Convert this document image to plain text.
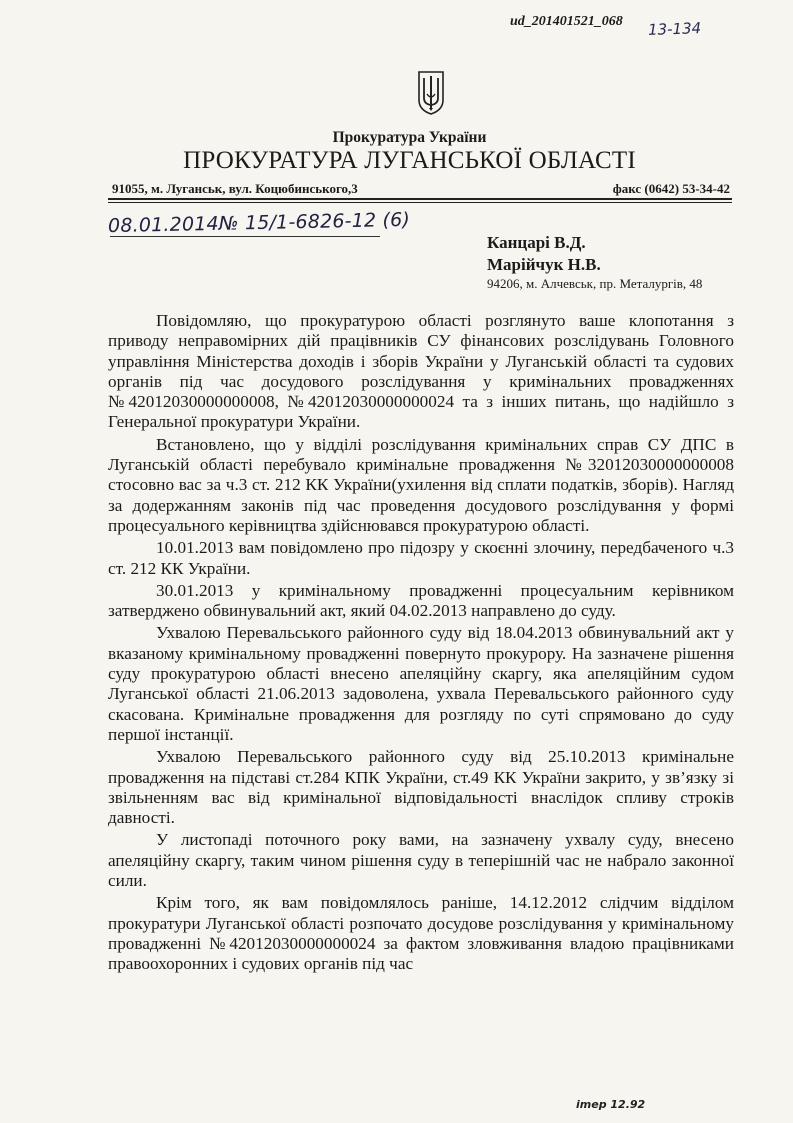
ud_201401521_068 13-134
Прокуратура України
ПРОКУРАТУРА ЛУГАНСЬКОЇ ОБЛАСТІ
91055, м. Луганськ, вул. Коцюбинського,3	факс (0642) 53-34-42
08.01.2014№ 15/1-6826-12 (6)
Канцарі В.Д.
Марійчук Н.В.
94206, м. Алчевськ, пр. Металургів, 48

Повідомляю, що прокуратурою області розглянуто ваше клопотання з приводу неправомірних дій працівників СУ фінансових розслідувань Головного управління Міністерства доходів і зборів України у Луганській області та судових органів під час досудового розслідування у кримінальних провадженнях №42012030000000008, №42012030000000024 та з інших питань, що надійшло з Генеральної прокуратури України.

Встановлено, що у відділі розслідування кримінальних справ СУ ДПС в Луганській області перебувало кримінальне провадження №32012030000000008 стосовно вас за ч.3 ст. 212 КК України(ухилення від сплати податків, зборів). Нагляд за додержанням законів під час проведення досудового розслідування у формі процесуального керівництва здійснювався прокуратурою області.

10.01.2013 вам повідомлено про підозру у скоєнні злочину, передбаченого ч.3 ст. 212 КК України.

30.01.2013 у кримінальному провадженні процесуальним керівником затверджено обвинувальний акт, який 04.02.2013 направлено до суду.

Ухвалою Перевальського районного суду від 18.04.2013 обвинувальний акт у вказаному кримінальному провадженні повернуто прокурору. На зазначене рішення суду прокуратурою області внесено апеляційну скаргу, яка апеляційним судом Луганської області 21.06.2013 задоволена, ухвала Перевальського районного суду скасована. Кримінальне провадження для розгляду по суті спрямовано до суду першої інстанції.

Ухвалою Перевальського районного суду від 25.10.2013 кримінальне провадження на підставі ст.284 КПК України, ст.49 КК України закрито, у зв’язку зі звільненням вас від кримінальної відповідальності внаслідок спливу строків давності.

У листопаді поточного року вами, на зазначену ухвалу суду, внесено апеляційну скаргу, таким чином рішення суду в теперішній час не набрало законної сили.

Крім того, як вам повідомлялось раніше, 14.12.2012 слідчим відділом прокуратури Луганської області розпочато досудове розслідування у кримінальному провадженні №42012030000000024 за фактом зловживання владою працівниками правоохоронних і судових органів під час

imep 12.92
